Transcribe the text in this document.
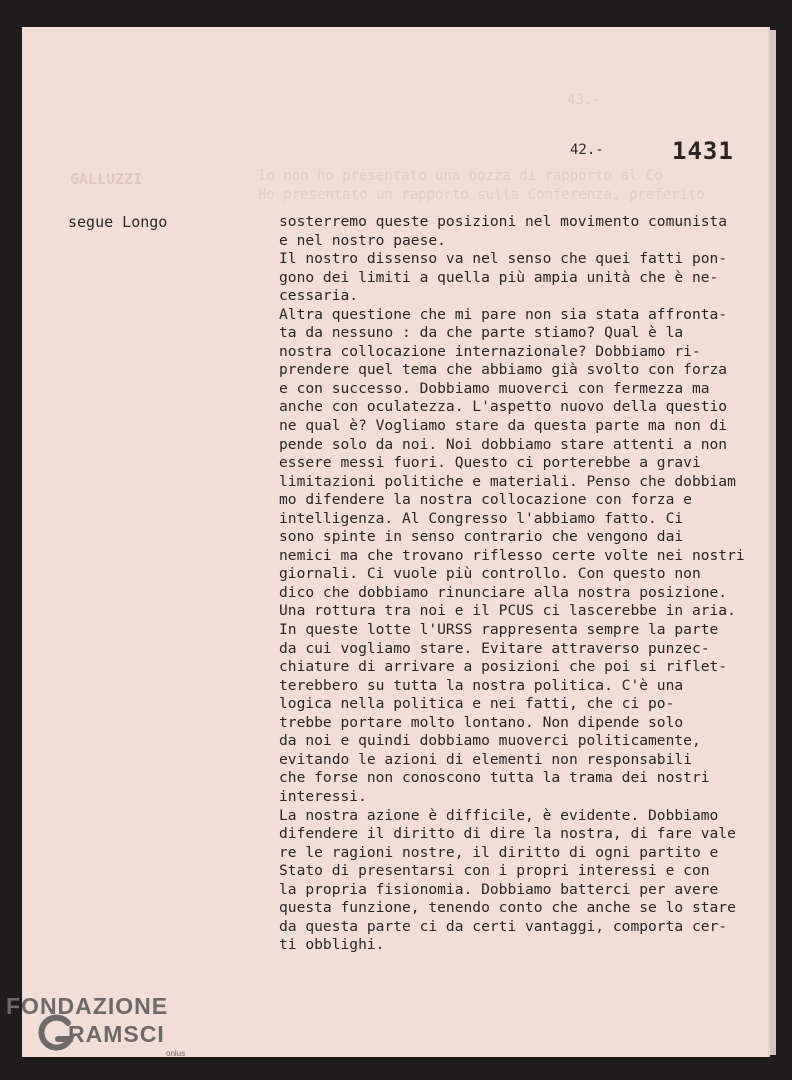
43.-
GALLUZZI	Io non ho presentato una bozza di rapporto al Co
Ho presentato un rapporto sulla Conferenza, preferito
42.-	1431
segue Longo	sosterremo queste posizioni nel movimento comunista
e nel nostro paese.
Il nostro dissenso va nel senso che quei fatti pon-
gono dei limiti a quella più ampia unità che è ne-
cessaria.
Altra questione che mi pare non sia stata affronta-
ta da nessuno : da che parte stiamo? Qual è la
nostra collocazione internazionale? Dobbiamo ri-
prendere quel tema che abbiamo già svolto con forza
e con successo. Dobbiamo muoverci con fermezza ma
anche con oculatezza. L'aspetto nuovo della questio
ne qual è? Vogliamo stare da questa parte ma non di
pende solo da noi. Noi dobbiamo stare attenti a non
essere messi fuori. Questo ci porterebbe a gravi
limitazioni politiche e materiali. Penso che dobbiam
mo difendere la nostra collocazione con forza e
intelligenza. Al Congresso l'abbiamo fatto. Ci
sono spinte in senso contrario che vengono dai
nemici ma che trovano riflesso certe volte nei nostri
giornali. Ci vuole più controllo. Con questo non
dico che dobbiamo rinunciare alla nostra posizione.
Una rottura tra noi e il PCUS ci lascerebbe in aria.
In queste lotte l'URSS rappresenta sempre la parte
da cui vogliamo stare. Evitare attraverso punzec-
chiature di arrivare a posizioni che poi si riflet-
terebbero su tutta la nostra politica. C'è una
logica nella politica e nei fatti, che ci po-
trebbe portare molto lontano. Non dipende solo
da noi e quindi dobbiamo muoverci politicamente,
evitando le azioni di elementi non responsabili
che forse non conoscono tutta la trama dei nostri
interessi.
La nostra azione è difficile, è evidente. Dobbiamo
difendere il diritto di dire la nostra, di fare vale
re le ragioni nostre, il diritto di ogni partito e
Stato di presentarsi con i propri interessi e con
la propria fisionomia. Dobbiamo batterci per avere
questa funzione, tenendo conto che anche se lo stare
da questa parte ci da certi vantaggi, comporta cer-
ti obblighi.
FONDAZIONE
RAMSCI
onlus
